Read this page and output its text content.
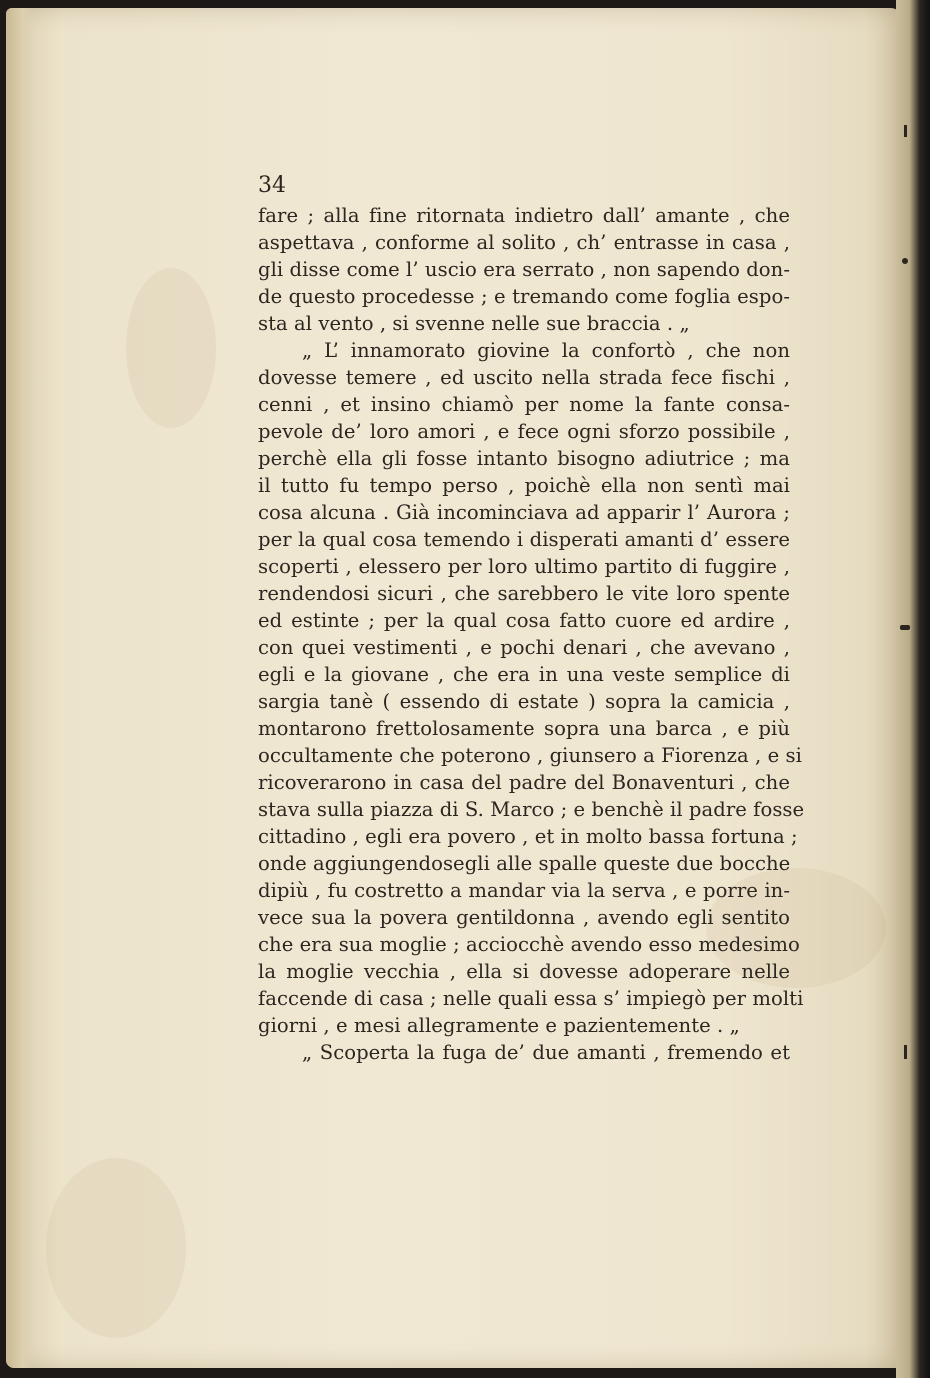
34
fare ; alla fine ritornata indietro dall’ amante , che
aspettava , conforme al solito , ch’ entrasse in casa ,
gli disse come l’ uscio era serrato , non sapendo don-
de questo procedesse ; e tremando come foglia espo-
sta al vento , si svenne nelle sue braccia . „
„ L’ innamorato giovine la confortò , che non
dovesse temere , ed uscito nella strada fece fischi ,
cenni , et insino chiamò per nome la fante consa-
pevole de’ loro amori , e fece ogni sforzo possibile ,
perchè ella gli fosse intanto bisogno adiutrice ; ma
il tutto fu tempo perso , poichè ella non sentì mai
cosa alcuna . Già incominciava ad apparir l’ Aurora ;
per la qual cosa temendo i disperati amanti d’ essere
scoperti , elessero per loro ultimo partito di fuggire ,
rendendosi sicuri , che sarebbero le vite loro spente
ed estinte ; per la qual cosa fatto cuore ed ardire ,
con quei vestimenti , e pochi denari , che avevano ,
egli e la giovane , che era in una veste semplice di
sargia tanè ( essendo di estate ) sopra la camicia ,
montarono frettolosamente sopra una barca , e più
occultamente che poterono , giunsero a Fiorenza , e si
ricoverarono in casa del padre del Bonaventuri , che
stava sulla piazza di S. Marco ; e benchè il padre fosse
cittadino , egli era povero , et in molto bassa fortuna ;
onde aggiungendosegli alle spalle queste due bocche
dipiù , fu costretto a mandar via la serva , e porre in-
vece sua la povera gentildonna , avendo egli sentito
che era sua moglie ; acciocchè avendo esso medesimo
la moglie vecchia , ella si dovesse adoperare nelle
faccende di casa ; nelle quali essa s’ impiegò per molti
giorni , e mesi allegramente e pazientemente . „
„ Scoperta la fuga de’ due amanti , fremendo et
